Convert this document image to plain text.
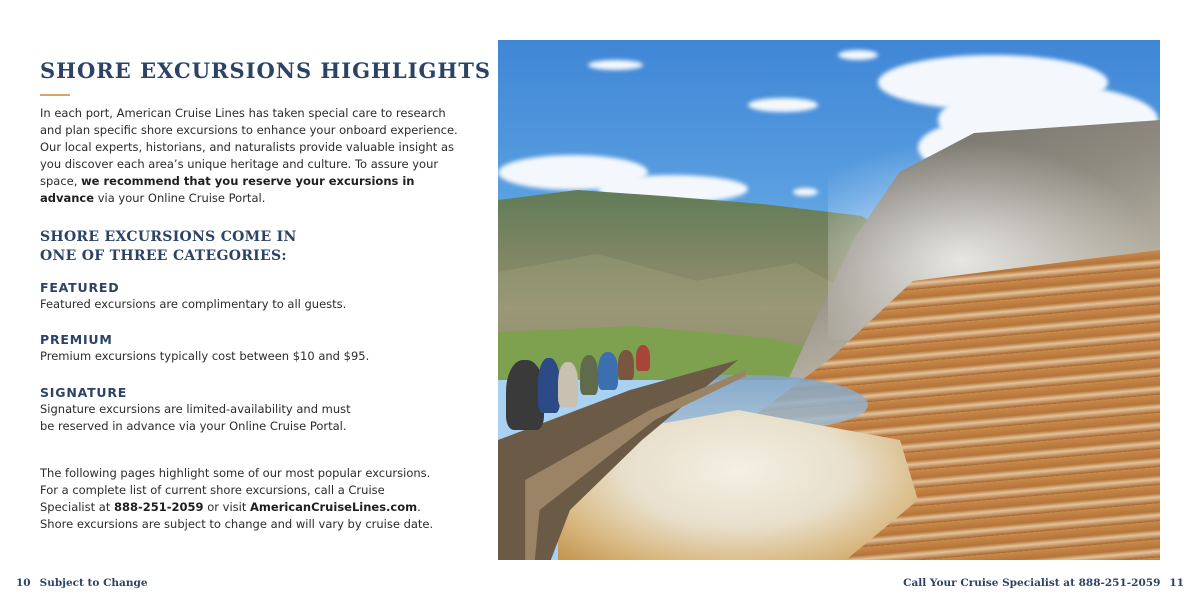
SHORE EXCURSIONS HIGHLIGHTS

In each port, American Cruise Lines has taken special care to research and plan specific shore excursions to enhance your onboard experience. Our local experts, historians, and naturalists provide valuable insight as you discover each area’s unique heritage and culture. To assure your space, we recommend that you reserve your excursions in advance via your Online Cruise Portal.

SHORE EXCURSIONS COME IN
ONE OF THREE CATEGORIES:
FEATURED

Featured excursions are complimentary to all guests.

PREMIUM

Premium excursions typically cost between $10 and $95.

SIGNATURE

Signature excursions are limited-availability and must
be reserved in advance via your Online Cruise Portal.

The following pages highlight some of our most popular excursions. For a complete list of current shore excursions, call a Cruise Specialist at 888-251-2059 or visit AmericanCruiseLines.com. Shore excursions are subject to change and will vary by cruise date.

10 Subject to Change	Call Your Cruise Specialist at 888-251-2059 11
